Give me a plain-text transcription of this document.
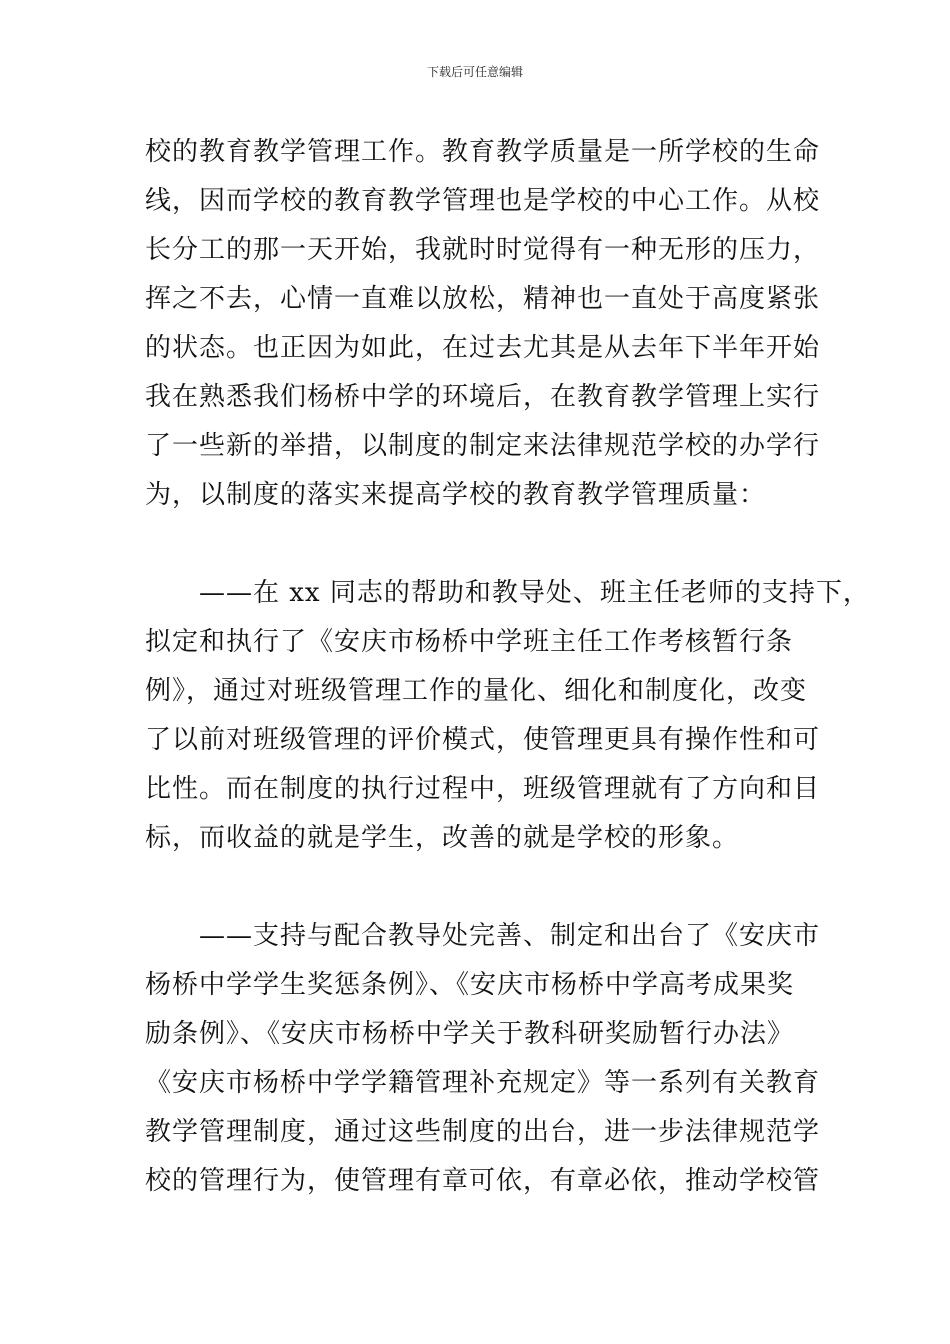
下载后可任意编辑
校的教育教学管理工作。教育教学质量是一所学校的生命
线，因而学校的教育教学管理也是学校的中心工作。从校
长分工的那一天开始，我就时时觉得有一种无形的压力，
挥之不去，心情一直难以放松，精神也一直处于高度紧张
的状态。也正因为如此，在过去尤其是从去年下半年开始
我在熟悉我们杨桥中学的环境后，在教育教学管理上实行
了一些新的举措，以制度的制定来法律规范学校的办学行
为，以制度的落实来提高学校的教育教学管理质量：
　　——在 xx 同志的帮助和教导处、班主任老师的支持下，
拟定和执行了《安庆市杨桥中学班主任工作考核暂行条
例》，通过对班级管理工作的量化、细化和制度化，改变
了以前对班级管理的评价模式，使管理更具有操作性和可
比性。而在制度的执行过程中，班级管理就有了方向和目
标，而收益的就是学生，改善的就是学校的形象。
　　——支持与配合教导处完善、制定和出台了《安庆市
杨桥中学学生奖惩条例》、《安庆市杨桥中学高考成果奖
励条例》、《安庆市杨桥中学关于教科研奖励暂行办法》
《安庆市杨桥中学学籍管理补充规定》等一系列有关教育
教学管理制度，通过这些制度的出台，进一步法律规范学
校的管理行为，使管理有章可依，有章必依，推动学校管
